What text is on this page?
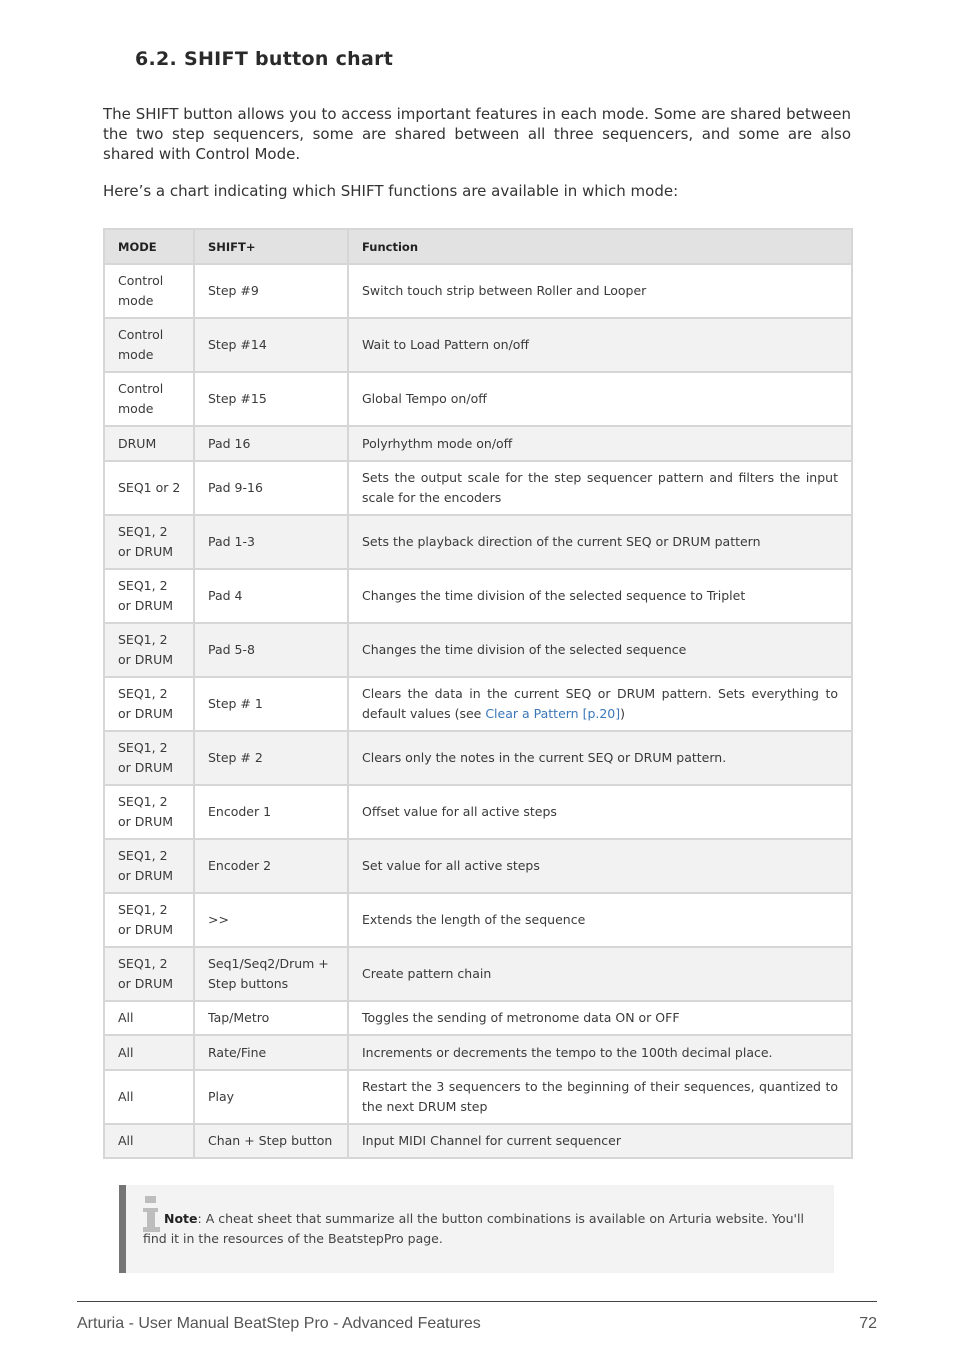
6.2. SHIFT button chart

The SHIFT button allows you to access important features in each mode. Some are shared between the two step sequencers, some are shared between all three sequencers, and some are also shared with Control Mode.

Here’s a chart indicating which SHIFT functions are available in which mode:

MODE	SHIFT+	Function
Control mode	Step #9	Switch touch strip between Roller and Looper
Control mode	Step #14	Wait to Load Pattern on/off
Control mode	Step #15	Global Tempo on/off
DRUM	Pad 16	Polyrhythm mode on/off
SEQ1 or 2	Pad 9-16	Sets the output scale for the step sequencer pattern and filters the input scale for the encoders
SEQ1, 2 or DRUM	Pad 1-3	Sets the playback direction of the current SEQ or DRUM pattern
SEQ1, 2 or DRUM	Pad 4	Changes the time division of the selected sequence to Triplet
SEQ1, 2 or DRUM	Pad 5-8	Changes the time division of the selected sequence
SEQ1, 2 or DRUM	Step # 1	Clears the data in the current SEQ or DRUM pattern. Sets everything to default values (see Clear a Pattern [p.20])
SEQ1, 2 or DRUM	Step # 2	Clears only the notes in the current SEQ or DRUM pattern.
SEQ1, 2 or DRUM	Encoder 1	Offset value for all active steps
SEQ1, 2 or DRUM	Encoder 2	Set value for all active steps
SEQ1, 2 or DRUM	>>	Extends the length of the sequence
SEQ1, 2 or DRUM	Seq1/Seq2/Drum + Step buttons	Create pattern chain
All	Tap/Metro	Toggles the sending of metronome data ON or OFF
All	Rate/Fine	Increments or decrements the tempo to the 100th decimal place.
All	Play	Restart the 3 sequencers to the beginning of their sequences, quantized to the next DRUM step
All	Chan + Step button	Input MIDI Channel for current sequencer

Note: A cheat sheet that summarize all the button combinations is available on Arturia website. You'll find it in the resources of the BeatstepPro page.

Arturia - User Manual BeatStep Pro - Advanced Features	72
